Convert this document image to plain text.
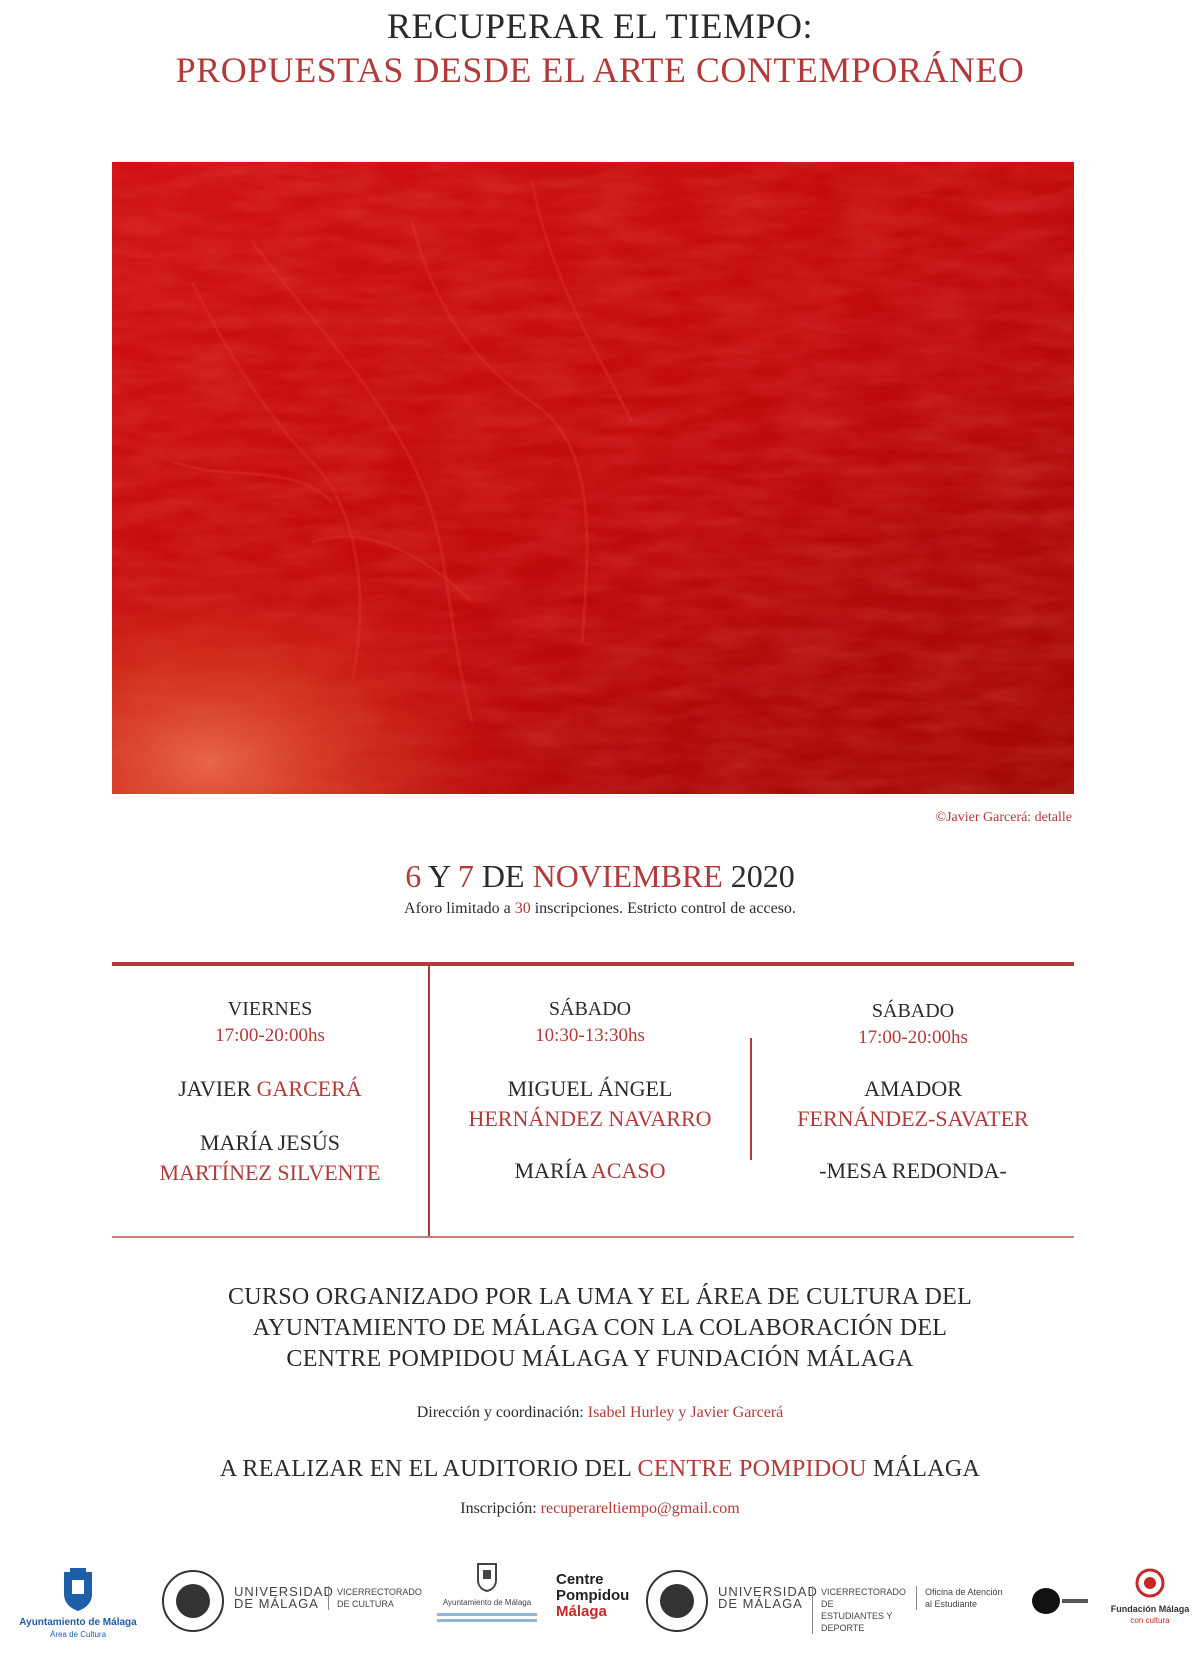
RECUPERAR EL TIEMPO:
PROPUESTAS DESDE EL ARTE CONTEMPORÁNEO
©Javier Garcerá: detalle
6 Y 7 DE NOVIEMBRE 2020
Aforo limitado a 30 inscripciones. Estricto control de acceso.
VIERNES
17:00-20:00hs
JAVIER GARCERÁ
MARÍA JESÚS
MARTÍNEZ SILVENTE
SÁBADO
10:30-13:30hs
MIGUEL ÁNGEL
HERNÁNDEZ NAVARRO
MARÍA ACASO
SÁBADO
17:00-20:00hs
AMADOR
FERNÁNDEZ-SAVATER
-MESA REDONDA-
CURSO ORGANIZADO POR LA UMA Y EL ÁREA DE CULTURA DEL
AYUNTAMIENTO DE MÁLAGA CON LA COLABORACIÓN DEL
CENTRE POMPIDOU MÁLAGA Y FUNDACIÓN MÁLAGA
Dirección y coordinación: Isabel Hurley y Javier Garcerá
A REALIZAR EN EL AUDITORIO DEL CENTRE POMPIDOU MÁLAGA
Inscripción: recuperareltiempo@gmail.com
Ayuntamiento de Málaga
Área de Cultura
UNIVERSIDAD
DE MÁLAGA
VICERRECTORADO
DE CULTURA	Ayuntamiento de Málaga
Centre
Pompidou
Málaga
UNIVERSIDAD
DE MÁLAGA
VICERRECTORADO DE
ESTUDIANTES Y DEPORTE
Oficina de Atención
al Estudiante	Fundación Málaga
con cultura
